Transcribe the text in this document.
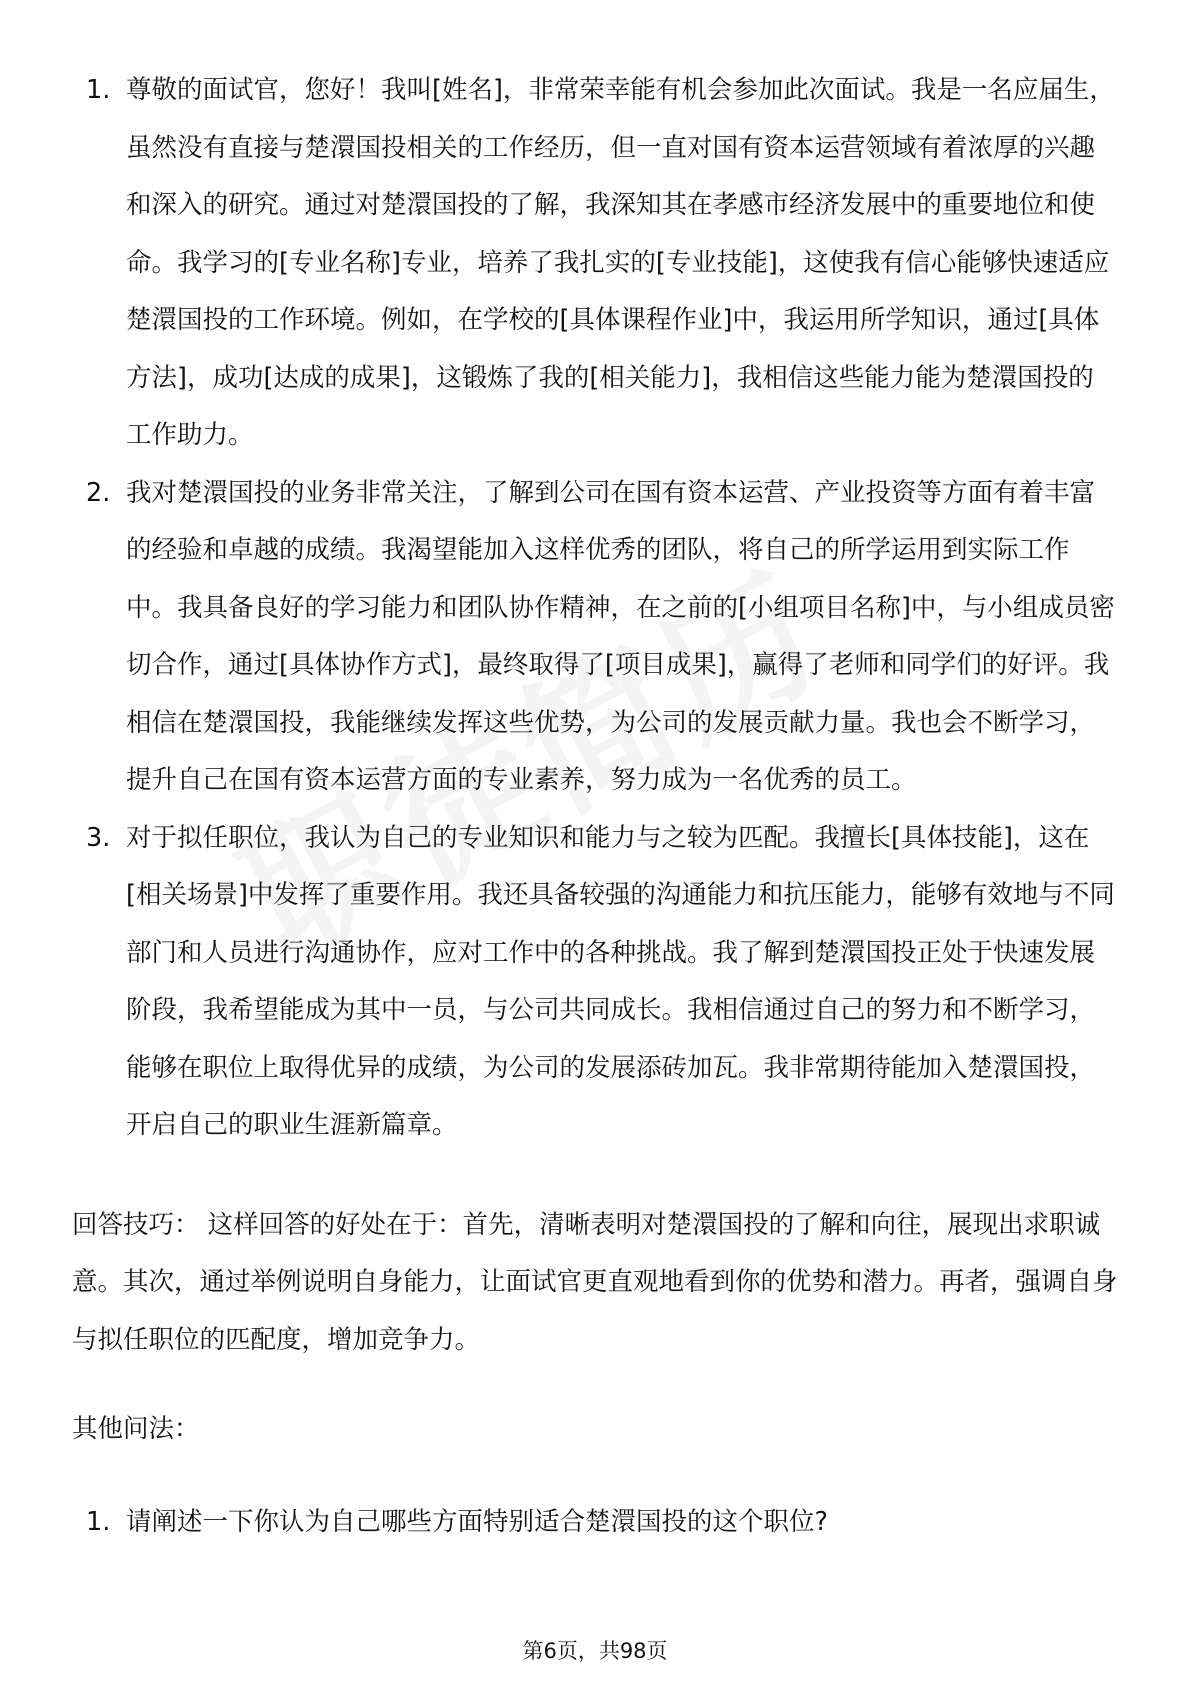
1. 尊敬的面试官，您好！我叫[姓名]，非常荣幸能有机会参加此次面试。我是一名应届生，虽然没有直接与楚澴国投相关的工作经历，但一直对国有资本运营领域有着浓厚的兴趣和深入的研究。通过对楚澴国投的了解，我深知其在孝感市经济发展中的重要地位和使命。我学习的[专业名称]专业，培养了我扎实的[专业技能]，这使我有信心能够快速适应楚澴国投的工作环境。例如，在学校的[具体课程作业]中，我运用所学知识，通过[具体方法]，成功[达成的成果]，这锻炼了我的[相关能力]，我相信这些能力能为楚澴国投的工作助力。
2. 我对楚澴国投的业务非常关注，了解到公司在国有资本运营、产业投资等方面有着丰富的经验和卓越的成绩。我渴望能加入这样优秀的团队，将自己的所学运用到实际工作中。我具备良好的学习能力和团队协作精神，在之前的[小组项目名称]中，与小组成员密切合作，通过[具体协作方式]，最终取得了[项目成果]，赢得了老师和同学们的好评。我相信在楚澴国投，我能继续发挥这些优势，为公司的发展贡献力量。我也会不断学习，提升自己在国有资本运营方面的专业素养，努力成为一名优秀的员工。
3. 对于拟任职位，我认为自己的专业知识和能力与之较为匹配。我擅长[具体技能]，这在[相关场景]中发挥了重要作用。我还具备较强的沟通能力和抗压能力，能够有效地与不同部门和人员进行沟通协作，应对工作中的各种挑战。我了解到楚澴国投正处于快速发展阶段，我希望能成为其中一员，与公司共同成长。我相信通过自己的努力和不断学习，能够在职位上取得优异的成绩，为公司的发展添砖加瓦。我非常期待能加入楚澴国投，开启自己的职业生涯新篇章。

回答技巧： 这样回答的好处在于：首先，清晰表明对楚澴国投的了解和向往，展现出求职诚意。其次，通过举例说明自身能力，让面试官更直观地看到你的优势和潜力。再者，强调自身与拟任职位的匹配度，增加竞争力。

其他问法：

1. 请阐述一下你认为自己哪些方面特别适合楚澴国投的这个职位?
第6页，共98页
